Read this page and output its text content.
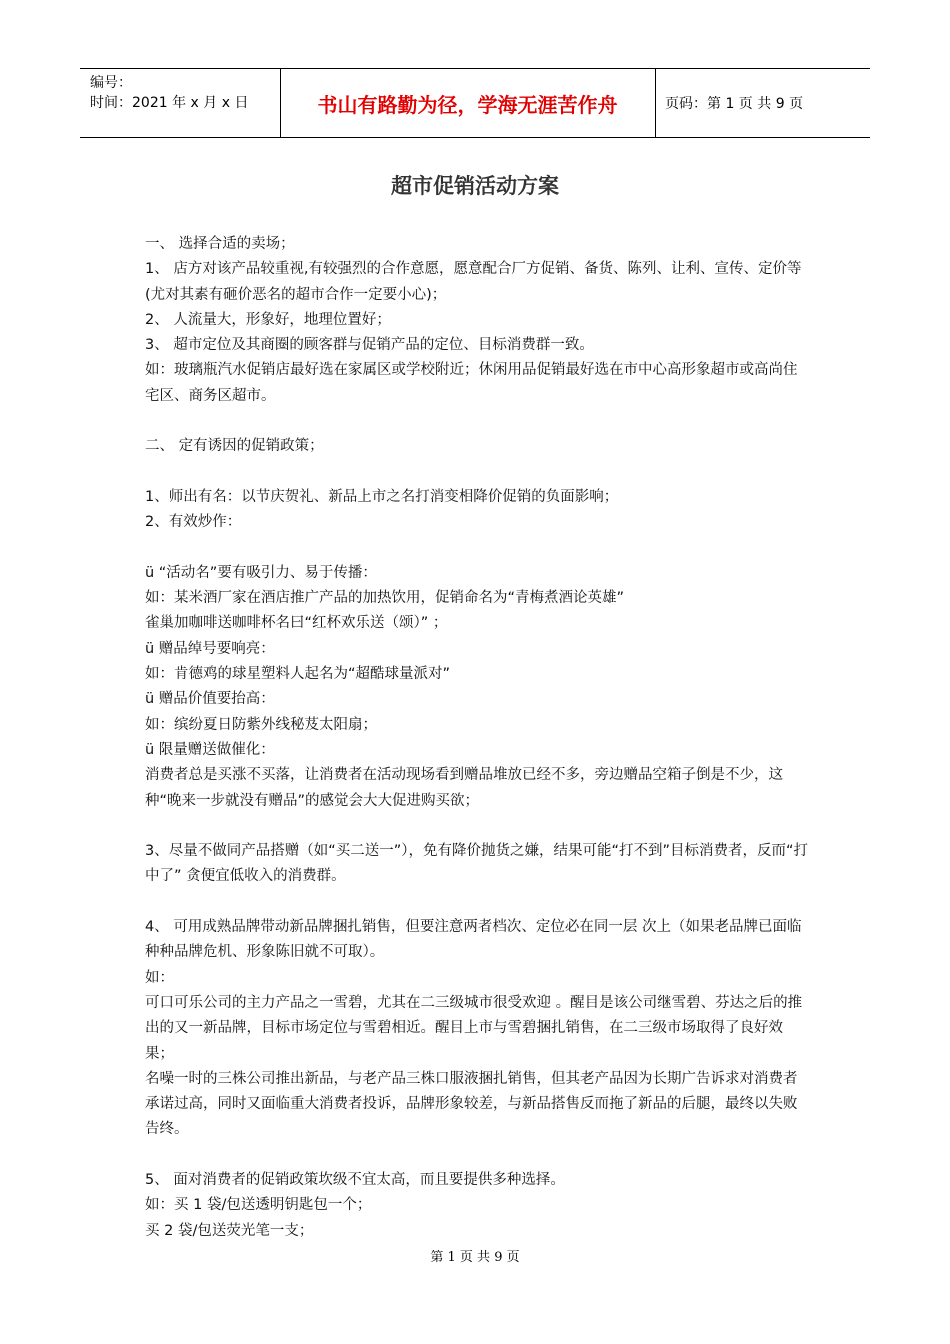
编号：
时间：2021 年 x 月 x 日	书山有路勤为径，学海无涯苦作舟	页码：第 1 页 共 9 页
超市促销活动方案

一、 选择合适的卖场；

1、 店方对该产品较重视,有较强烈的合作意愿，愿意配合厂方促销、备货、陈列、让利、宣传、定价等(尤对其素有砸价恶名的超市合作一定要小心)；

2、 人流量大，形象好，地理位置好；

3、 超市定位及其商圈的顾客群与促销产品的定位、目标消费群一致。

如：玻璃瓶汽水促销店最好选在家属区或学校附近；休闲用品促销最好选在市中心高形象超市或高尚住宅区、商务区超市。

二、 定有诱因的促销政策；

1、师出有名：以节庆贺礼、新品上市之名打消变相降价促销的负面影响；

2、有效炒作：

ü “活动名”要有吸引力、易于传播：

如：某米酒厂家在酒店推广产品的加热饮用，促销命名为“青梅煮酒论英雄”

雀巢加咖啡送咖啡杯名曰“红杯欢乐送（颂）” ；

ü 赠品绰号要响亮：

如：肯德鸡的球星塑料人起名为“超酷球量派对”

ü 赠品价值要抬高：

如：缤纷夏日防紫外线秘芨太阳扇；

ü 限量赠送做催化：

消费者总是买涨不买落，让消费者在活动现场看到赠品堆放已经不多，旁边赠品空箱子倒是不少，这种“晚来一步就没有赠品”的感觉会大大促进购买欲；

3、尽量不做同产品搭赠（如“买二送一”），免有降价抛货之嫌，结果可能“打不到”目标消费者，反而“打中了” 贪便宜低收入的消费群。

4、 可用成熟品牌带动新品牌捆扎销售，但要注意两者档次、定位必在同一层 次上（如果老品牌已面临种种品牌危机、形象陈旧就不可取）。

如：

可口可乐公司的主力产品之一雪碧，尤其在二三级城市很受欢迎 。醒目是该公司继雪碧、芬达之后的推出的又一新品牌，目标市场定位与雪碧相近。醒目上市与雪碧捆扎销售，在二三级市场取得了良好效果；

名噪一时的三株公司推出新品，与老产品三株口服液捆扎销售，但其老产品因为长期广告诉求对消费者承诺过高，同时又面临重大消费者投诉，品牌形象较差，与新品搭售反而拖了新品的后腿，最终以失败告终。

5、 面对消费者的促销政策坎级不宜太高，而且要提供多种选择。

如：买 1 袋/包送透明钥匙包一个；

买 2 袋/包送荧光笔一支；

第 1 页 共 9 页
